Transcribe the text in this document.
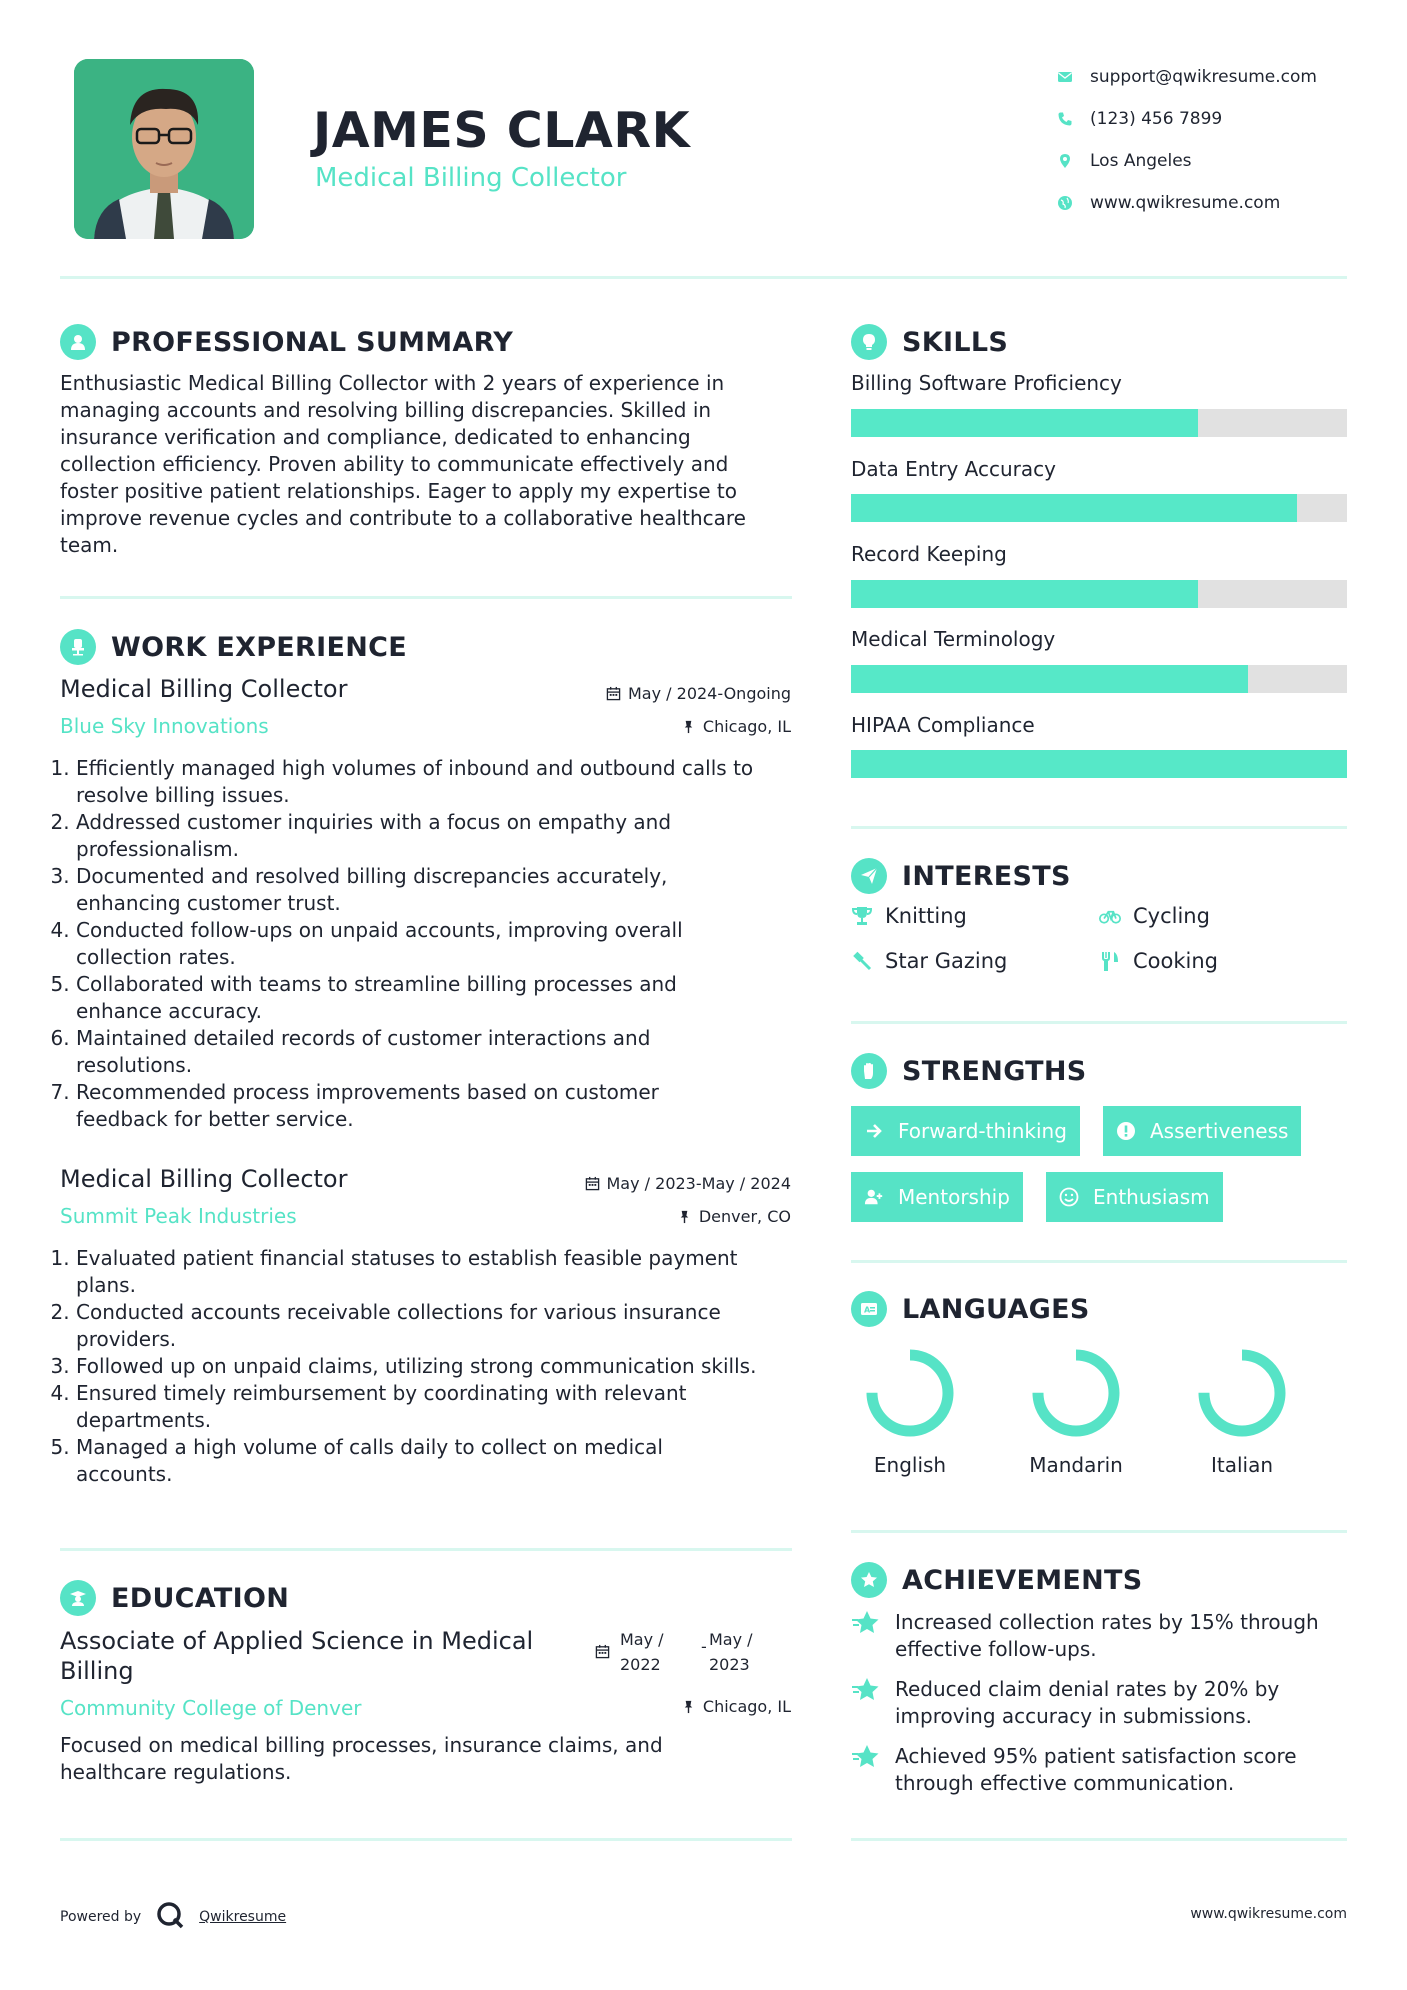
JAMES CLARK
Medical Billing Collector
support@qwikresume.com
(123) 456 7899
Los Angeles
www.qwikresume.com
PROFESSIONAL SUMMARY
Enthusiastic Medical Billing Collector with 2 years of experience in
managing accounts and resolving billing discrepancies. Skilled in
insurance verification and compliance, dedicated to enhancing
collection efficiency. Proven ability to communicate effectively and
foster positive patient relationships. Eager to apply my expertise to
improve revenue cycles and contribute to a collaborative healthcare
team.
WORK EXPERIENCE
Medical Billing Collector	May / 2024-Ongoing
Blue Sky Innovations	Chicago, IL
1. Efficiently managed high volumes of inbound and outbound calls to
resolve billing issues.
2. Addressed customer inquiries with a focus on empathy and
professionalism.
3. Documented and resolved billing discrepancies accurately,
enhancing customer trust.
4. Conducted follow-ups on unpaid accounts, improving overall
collection rates.
5. Collaborated with teams to streamline billing processes and
enhance accuracy.
6. Maintained detailed records of customer interactions and
resolutions.
7. Recommended process improvements based on customer
feedback for better service.
Medical Billing Collector	May / 2023-May / 2024
Summit Peak Industries	Denver, CO
1. Evaluated patient financial statuses to establish feasible payment
plans.
2. Conducted accounts receivable collections for various insurance
providers.
3. Followed up on unpaid claims, utilizing strong communication skills.
4. Ensured timely reimbursement by coordinating with relevant
departments.
5. Managed a high volume of calls daily to collect on medical
accounts.
EDUCATION
Associate of Applied Science in Medical
Billing
May /
2022
- May /
2023
Community College of Denver	Chicago, IL
Focused on medical billing processes, insurance claims, and
healthcare regulations.
SKILLS
Billing Software Proficiency
Data Entry Accuracy
Record Keeping
Medical Terminology
HIPAA Compliance
INTERESTS
Knitting	Cycling
Star Gazing	Cooking
STRENGTHS
Forward-thinking	Assertiveness
Mentorship	Enthusiasm
A LANGUAGES
English	Mandarin	Italian
ACHIEVEMENTS
Increased collection rates by 15% through
effective follow-ups.
Reduced claim denial rates by 20% by
improving accuracy in submissions.
Achieved 95% patient satisfaction score
through effective communication.
Powered by	Qwikresume	www.qwikresume.com
